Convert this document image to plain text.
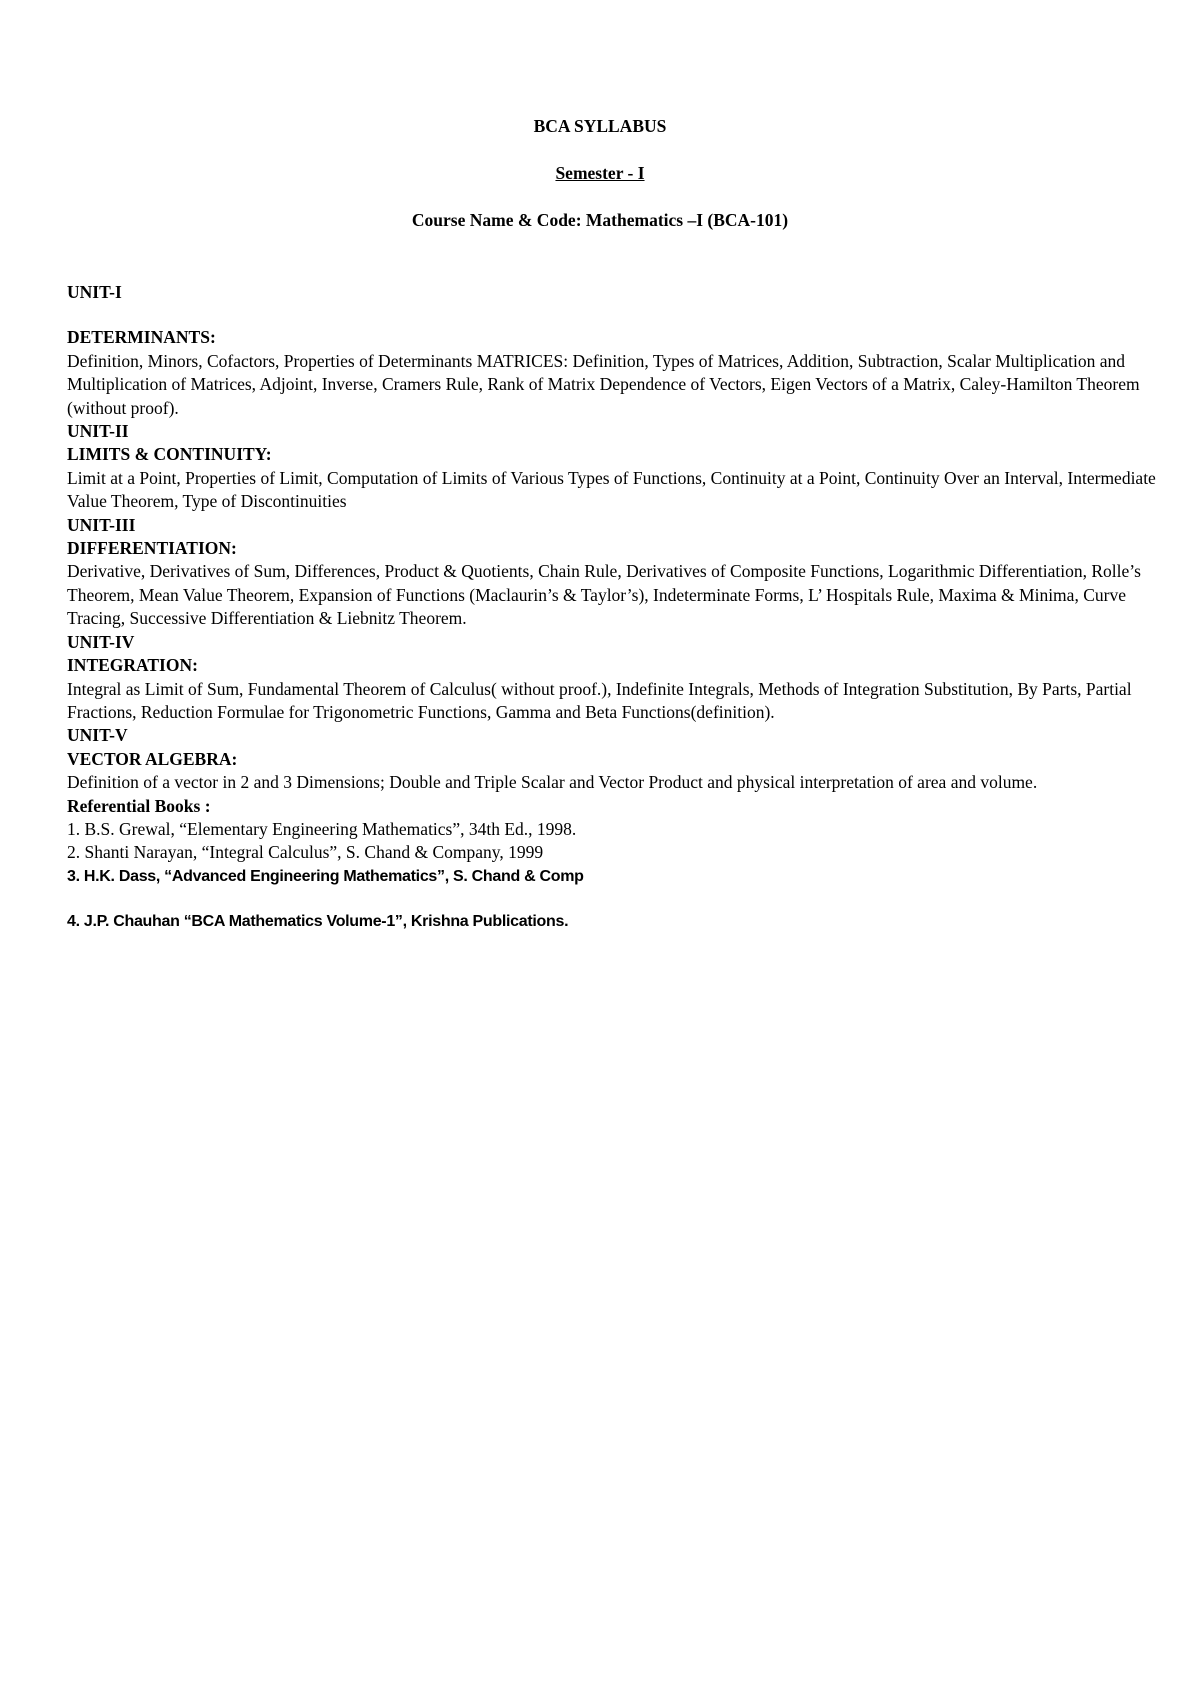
BCA SYLLABUS
Semester - I
Course Name & Code: Mathematics –I (BCA-101)

UNIT-I

DETERMINANTS:

Definition, Minors, Cofactors, Properties of Determinants MATRICES: Definition, Types of Matrices, Addition, Subtraction, Scalar Multiplication and Multiplication of Matrices, Adjoint, Inverse, Cramers Rule, Rank of Matrix Dependence of Vectors, Eigen Vectors of a Matrix, Caley-Hamilton Theorem (without proof).

UNIT-II

LIMITS & CONTINUITY:

Limit at a Point, Properties of Limit, Computation of Limits of Various Types of Functions, Continuity at a Point, Continuity Over an Interval, Intermediate Value Theorem, Type of Discontinuities

UNIT-III

DIFFERENTIATION:

Derivative, Derivatives of Sum, Differences, Product & Quotients, Chain Rule, Derivatives of Composite Functions, Logarithmic Differentiation, Rolle’s Theorem, Mean Value Theorem, Expansion of Functions (Maclaurin’s & Taylor’s), Indeterminate Forms, L’ Hospitals Rule, Maxima & Minima, Curve Tracing, Successive Differentiation & Liebnitz Theorem.

UNIT-IV

INTEGRATION:

Integral as Limit of Sum, Fundamental Theorem of Calculus( without proof.), Indefinite Integrals, Methods of Integration Substitution, By Parts, Partial Fractions, Reduction Formulae for Trigonometric Functions, Gamma and Beta Functions(definition).

UNIT-V

VECTOR ALGEBRA:

Definition of a vector in 2 and 3 Dimensions; Double and Triple Scalar and Vector Product and physical interpretation of area and volume.

Referential Books :

1. B.S. Grewal, “Elementary Engineering Mathematics”, 34th Ed., 1998.
2. Shanti Narayan, “Integral Calculus”, S. Chand & Company, 1999
3. H.K. Dass, “Advanced Engineering Mathematics”, S. Chand & Comp
4. J.P. Chauhan “BCA Mathematics Volume-1”, Krishna Publications.
